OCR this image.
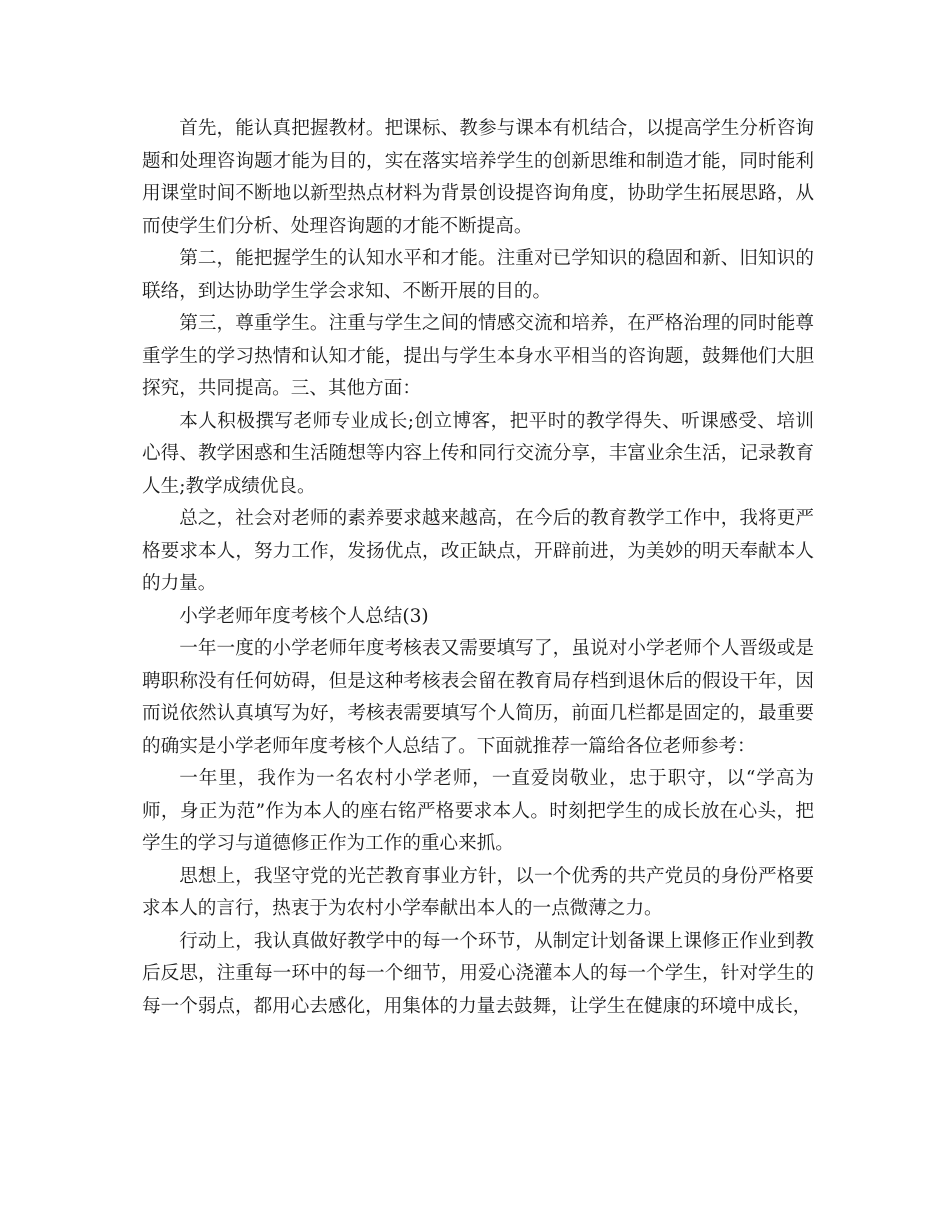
首先，能认真把握教材。把课标、教参与课本有机结合，以提高学生分析咨询题和处理咨询题才能为目的，实在落实培养学生的创新思维和制造才能，同时能利用课堂时间不断地以新型热点材料为背景创设提咨询角度，协助学生拓展思路，从而使学生们分析、处理咨询题的才能不断提高。

第二，能把握学生的认知水平和才能。注重对已学知识的稳固和新、旧知识的联络，到达协助学生学会求知、不断开展的目的。

第三，尊重学生。注重与学生之间的情感交流和培养，在严格治理的同时能尊重学生的学习热情和认知才能，提出与学生本身水平相当的咨询题，鼓舞他们大胆探究，共同提高。三、其他方面：

本人积极撰写老师专业成长;创立博客，把平时的教学得失、听课感受、培训心得、教学困惑和生活随想等内容上传和同行交流分享，丰富业余生活，记录教育人生;教学成绩优良。

总之，社会对老师的素养要求越来越高，在今后的教育教学工作中，我将更严格要求本人，努力工作，发扬优点，改正缺点，开辟前进，为美妙的明天奉献本人的力量。

小学老师年度考核个人总结(3)

一年一度的小学老师年度考核表又需要填写了，虽说对小学老师个人晋级或是聘职称没有任何妨碍，但是这种考核表会留在教育局存档到退休后的假设干年，因而说依然认真填写为好，考核表需要填写个人简历，前面几栏都是固定的，最重要的确实是小学老师年度考核个人总结了。下面就推荐一篇给各位老师参考：

一年里，我作为一名农村小学老师，一直爱岗敬业，忠于职守，以“学高为师，身正为范”作为本人的座右铭严格要求本人。时刻把学生的成长放在心头，把学生的学习与道德修正作为工作的重心来抓。

思想上，我坚守党的光芒教育事业方针，以一个优秀的共产党员的身份严格要求本人的言行，热衷于为农村小学奉献出本人的一点微薄之力。

行动上，我认真做好教学中的每一个环节，从制定计划备课上课修正作业到教后反思，注重每一环中的每一个细节，用爱心浇灌本人的每一个学生，针对学生的每一个弱点，都用心去感化，用集体的力量去鼓舞，让学生在健康的环境中成长，
